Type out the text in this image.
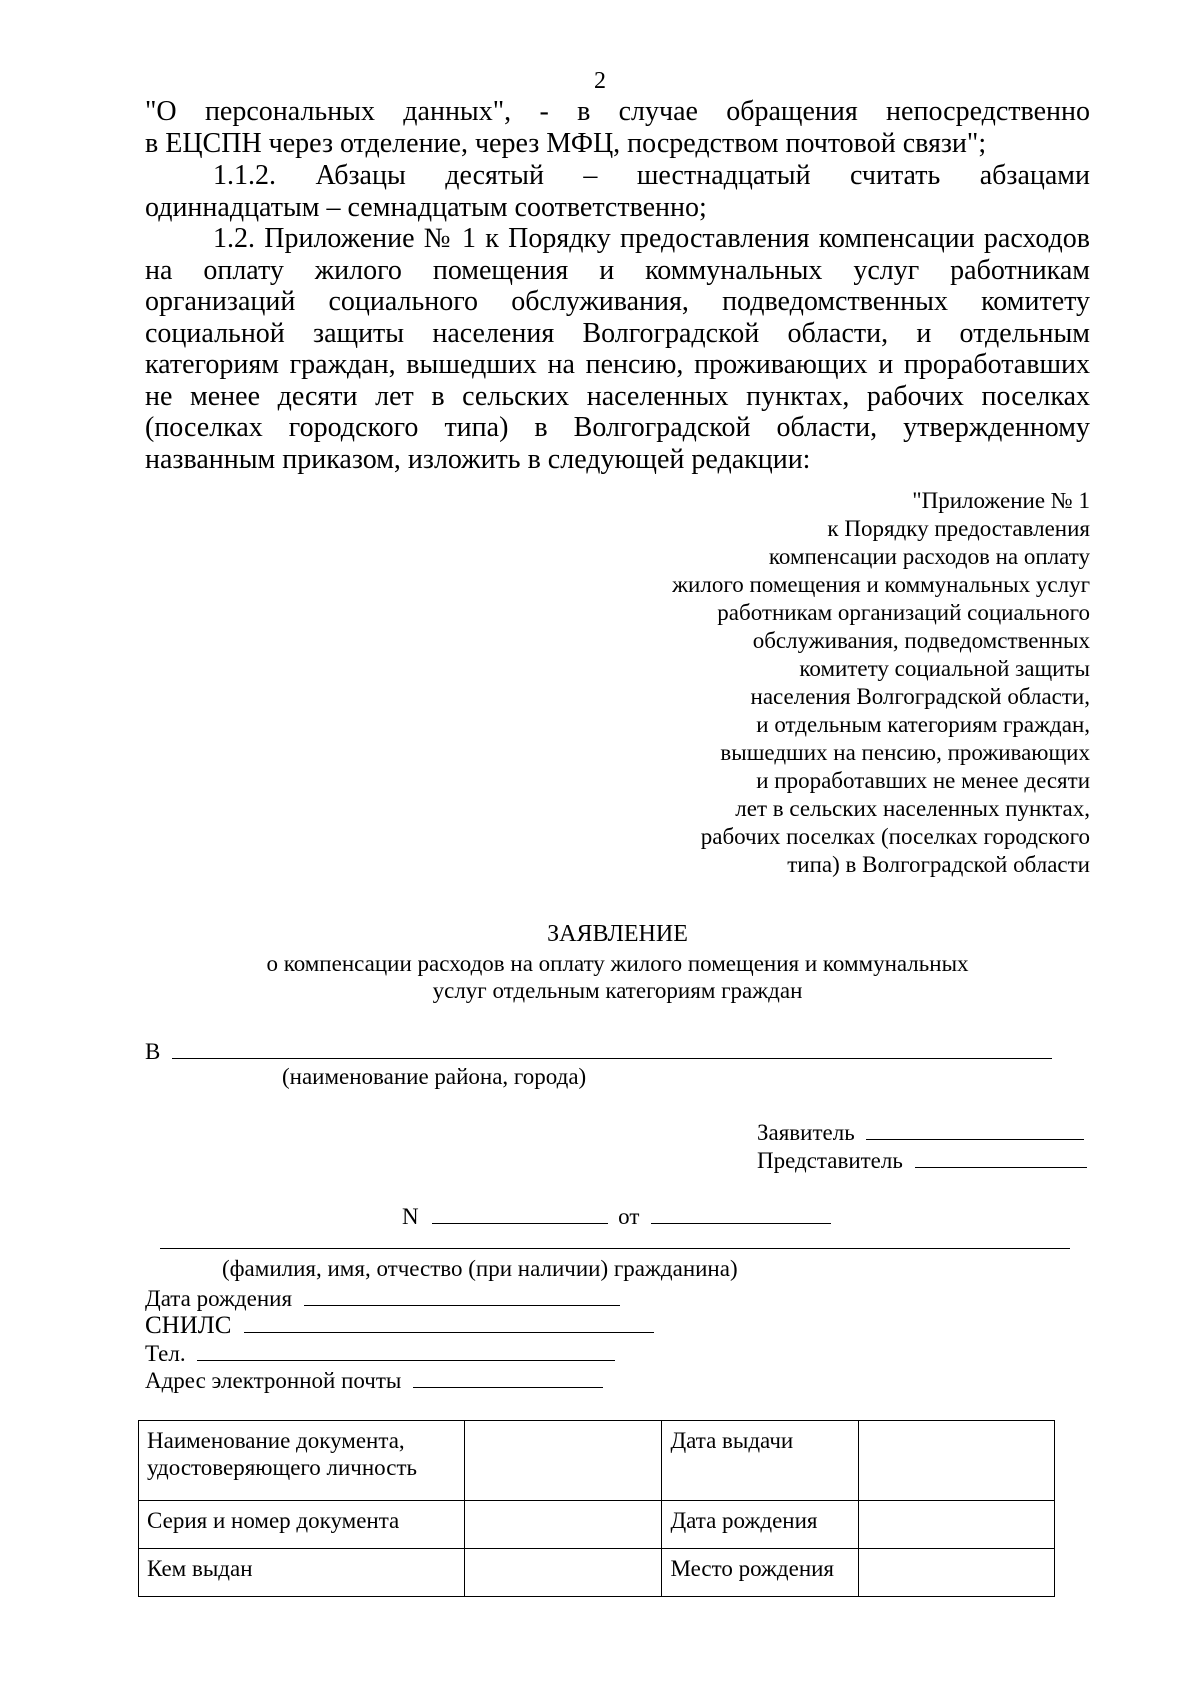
2
"О персональных данных", - в случае обращения непосредственно
в ЕЦСПН через отделение, через МФЦ, посредством почтовой связи";
1.1.2. Абзацы десятый – шестнадцатый считать абзацами
одиннадцатым – семнадцатым соответственно;
1.2. Приложение № 1 к Порядку предоставления компенсации расходов
на оплату жилого помещения и коммунальных услуг работникам
организаций социального обслуживания, подведомственных комитету
социальной защиты населения Волгоградской области, и отдельным
категориям граждан, вышедших на пенсию, проживающих и проработавших
не менее десяти лет в сельских населенных пунктах, рабочих поселках
(поселках городского типа) в Волгоградской области, утвержденному
названным приказом, изложить в следующей редакции:
"Приложение № 1
к Порядку предоставления
компенсации расходов на оплату
жилого помещения и коммунальных услуг
работникам организаций социального
обслуживания, подведомственных
комитету социальной защиты
населения Волгоградской области,
и отдельным категориям граждан,
вышедших на пенсию, проживающих
и проработавших не менее десяти
лет в сельских населенных пунктах,
рабочих поселках (поселках городского
типа) в Волгоградской области
ЗАЯВЛЕНИЕ
о компенсации расходов на оплату жилого помещения и коммунальных
услуг отдельным категориям граждан
В
(наименование района, города)
Заявитель
Представитель
N	от
(фамилия, имя, отчество (при наличии) гражданина)
Дата рождения
СНИЛС
Тел.
Адрес электронной почты
Наименование документа, удостоверяющего личность		Дата выдачи	
Серия и номер документа		Дата рождения	
Кем выдан		Место рождения	
